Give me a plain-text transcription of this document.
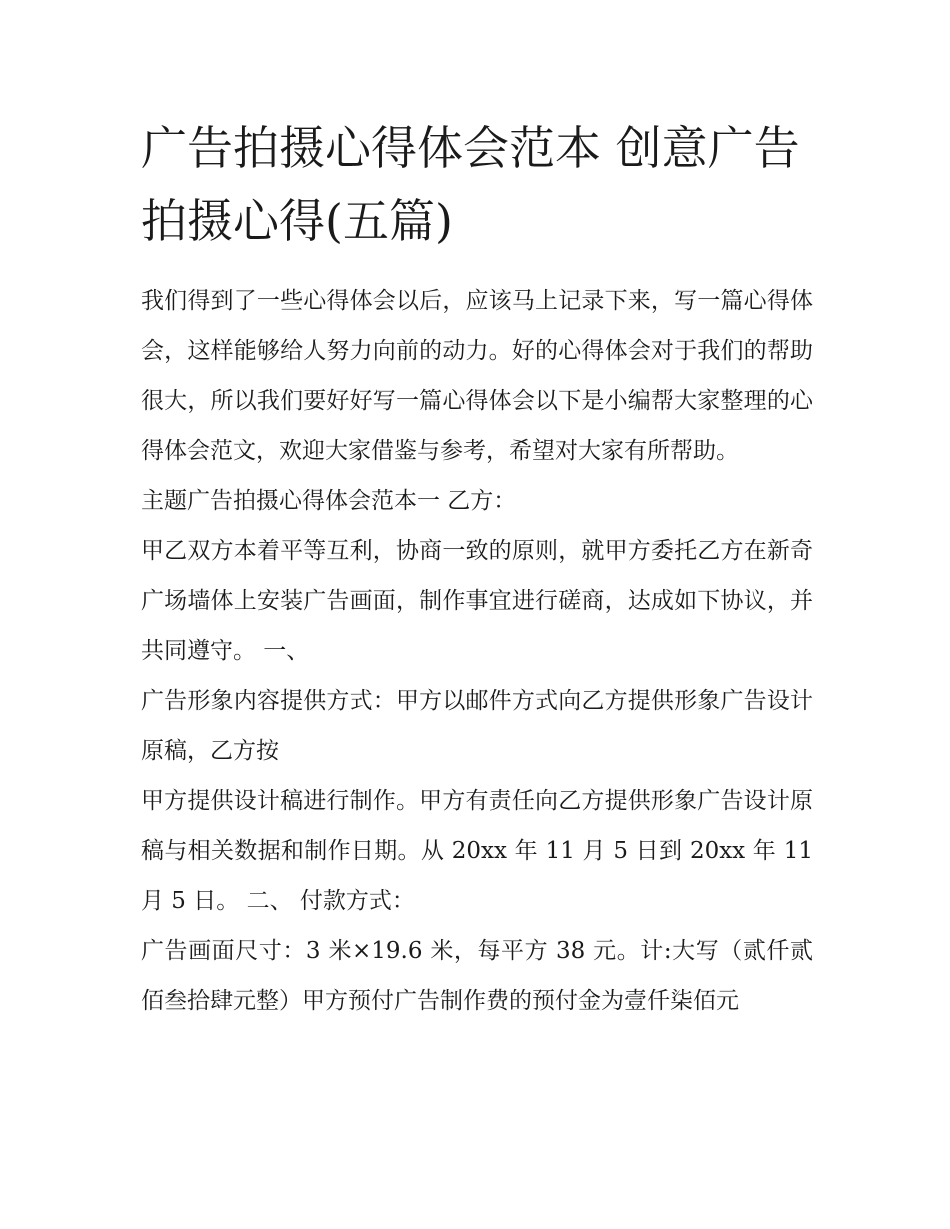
广告拍摄心得体会范本 创意广告拍摄心得(五篇)

我们得到了一些心得体会以后，应该马上记录下来，写一篇心得体会，这样能够给人努力向前的动力。好的心得体会对于我们的帮助很大，所以我们要好好写一篇心得体会以下是小编帮大家整理的心得体会范文，欢迎大家借鉴与参考，希望对大家有所帮助。

主题广告拍摄心得体会范本一 乙方：

甲乙双方本着平等互利，协商一致的原则，就甲方委托乙方在新奇广场墙体上安装广告画面，制作事宜进行磋商，达成如下协议，并共同遵守。 一、

广告形象内容提供方式：甲方以邮件方式向乙方提供形象广告设计原稿，乙方按

甲方提供设计稿进行制作。甲方有责任向乙方提供形象广告设计原稿与相关数据和制作日期。从 20xx 年 11 月 5 日到 20xx 年 11 月 5 日。 二、 付款方式：

广告画面尺寸：3 米×19.6 米，每平方 38 元。计:大写（贰仟贰佰叁拾肆元整）甲方预付广告制作费的预付金为壹仟柒佰元
